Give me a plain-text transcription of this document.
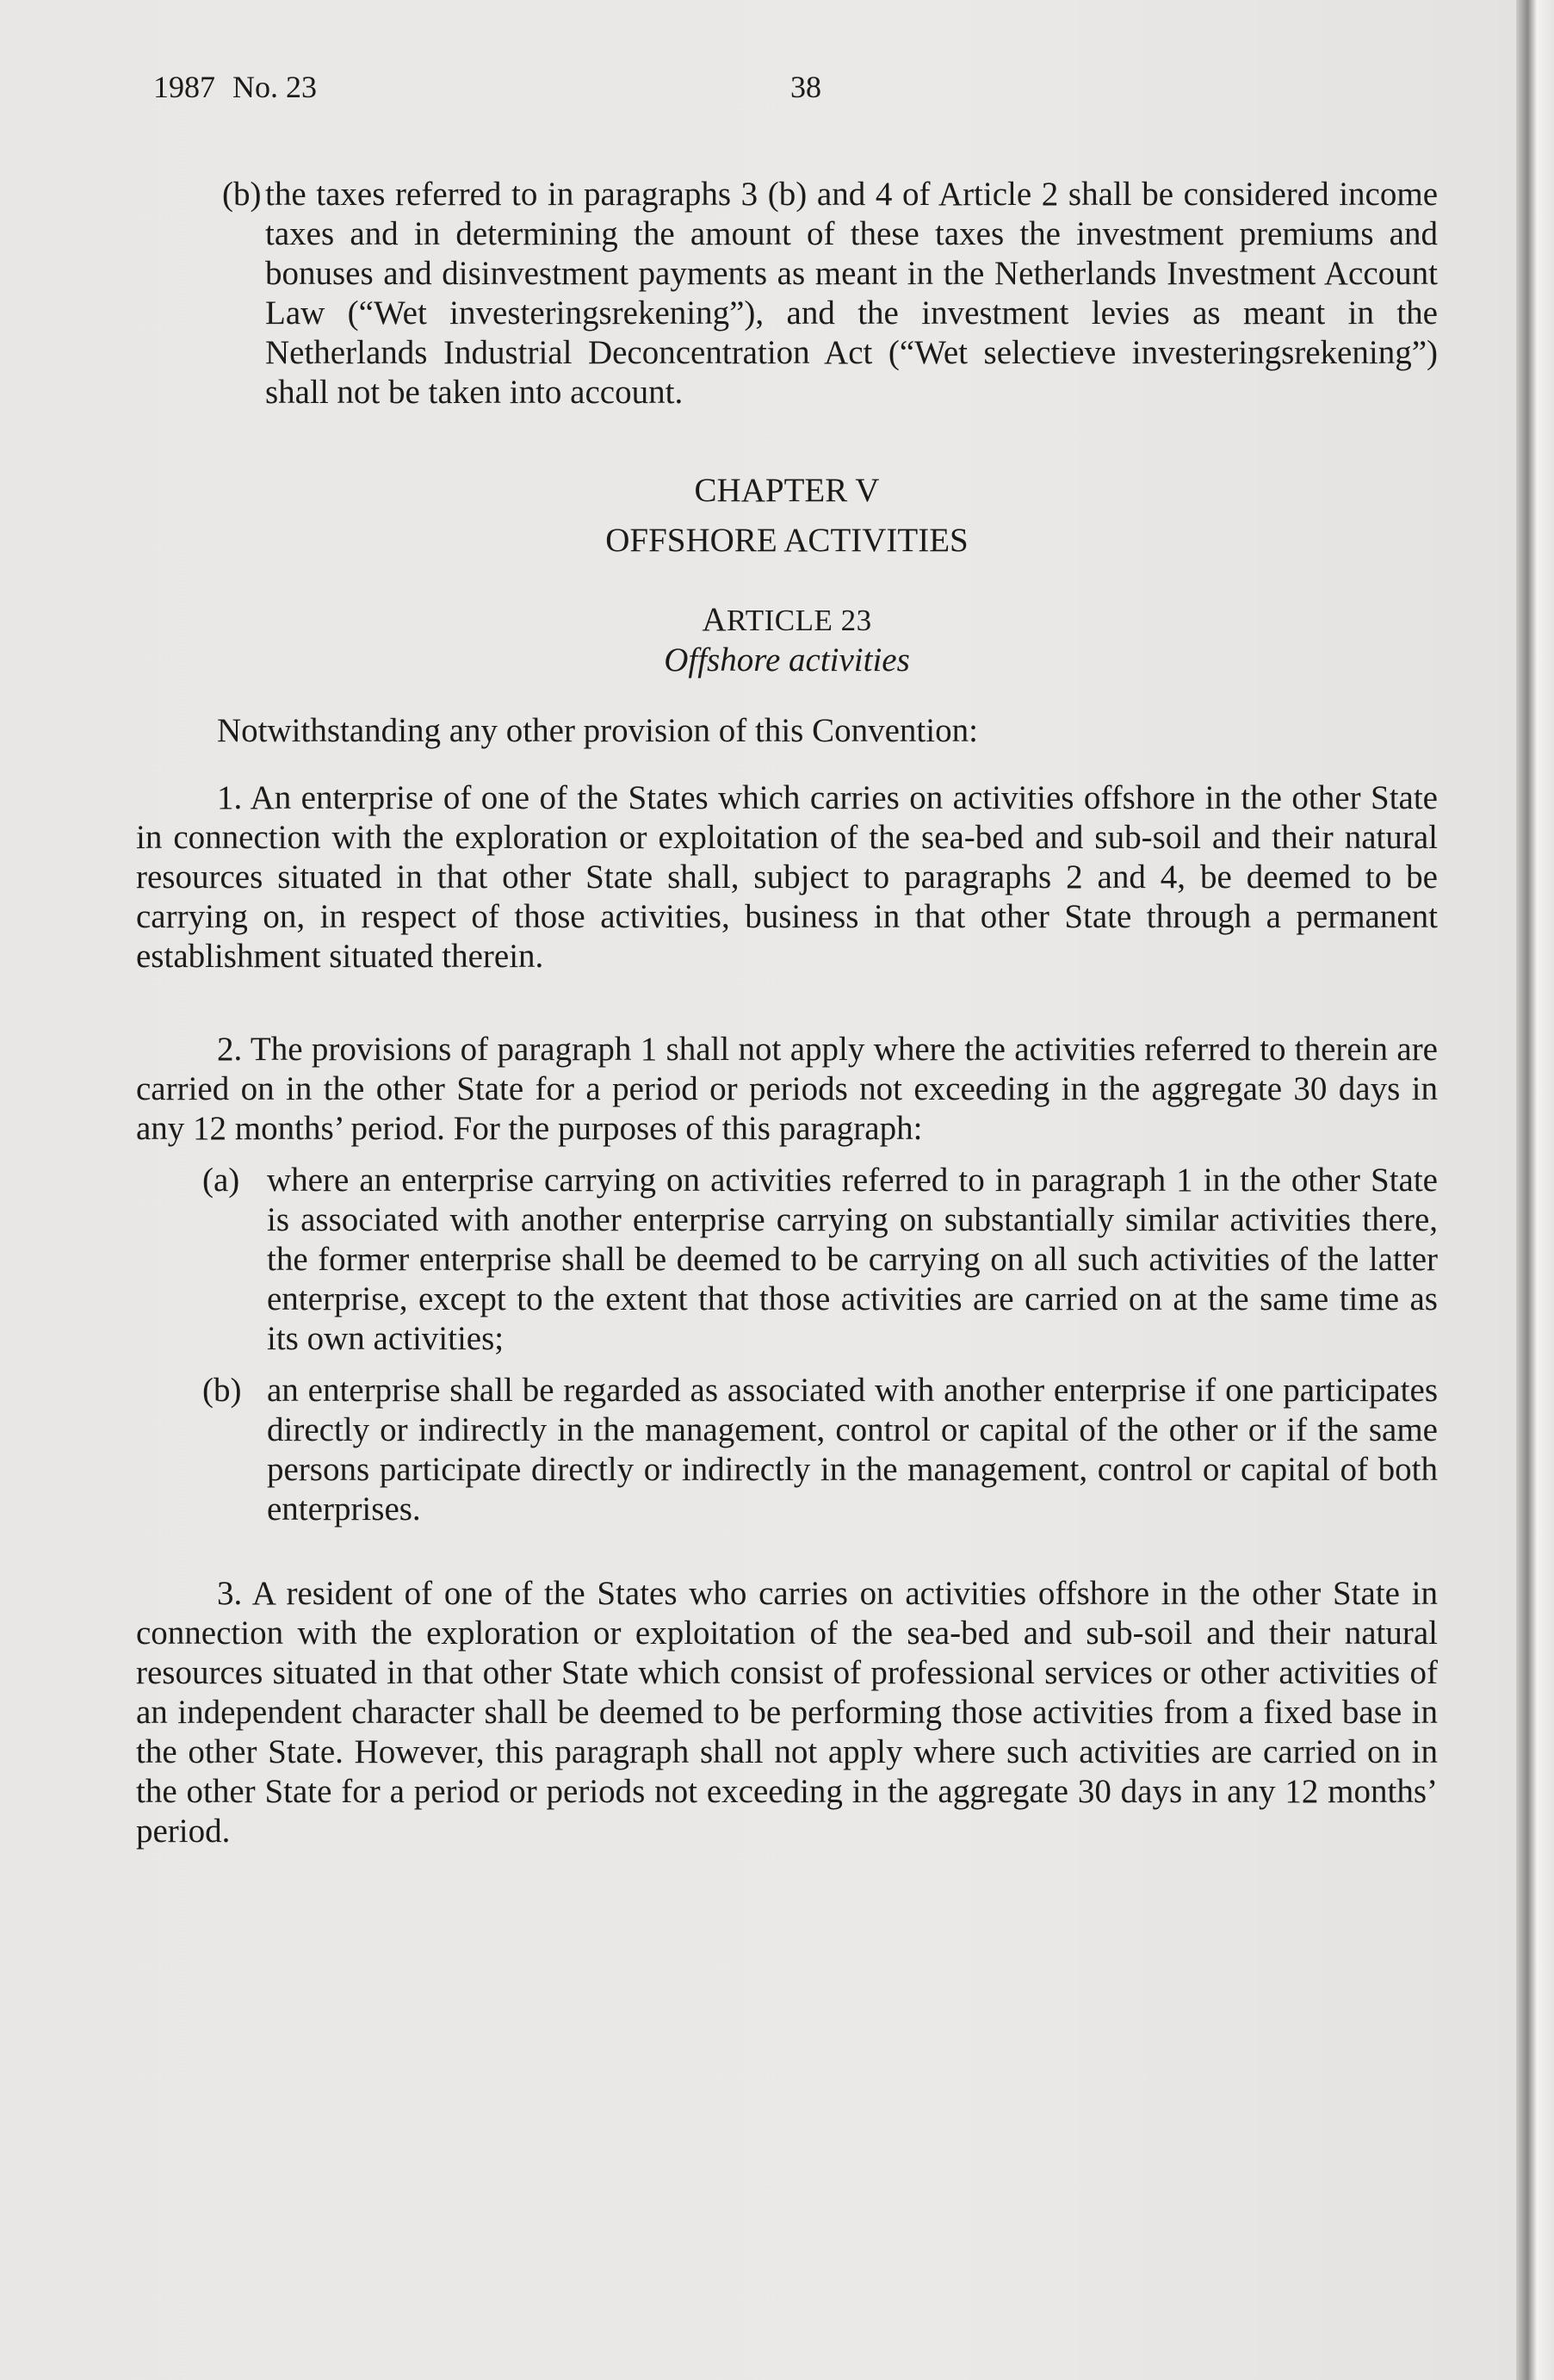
1987 No. 23	38

(b) the taxes referred to in paragraphs 3 (b) and 4 of Article 2 shall be considered income taxes and in determining the amount of these taxes the investment premiums and bonuses and disinvestment payments as meant in the Netherlands Investment Account Law (“Wet investeringsrekening”), and the investment levies as meant in the Netherlands Industrial Deconcentration Act (“Wet selectieve investeringsrekening”) shall not be taken into account.

CHAPTER V
OFFSHORE ACTIVITIES
ARTICLE 23
Offshore activities

Notwithstanding any other provision of this Convention:

1. An enterprise of one of the States which carries on activities offshore in the other State in connection with the exploration or exploitation of the sea-bed and sub-soil and their natural resources situated in that other State shall, subject to paragraphs 2 and 4, be deemed to be carrying on, in respect of those activities, business in that other State through a permanent establishment situated therein.

2. The provisions of paragraph 1 shall not apply where the activities referred to therein are carried on in the other State for a period or periods not exceeding in the aggregate 30 days in any 12 months’ period. For the purposes of this paragraph:

(a) where an enterprise carrying on activities referred to in paragraph 1 in the other State is associated with another enterprise carrying on substantially similar activities there, the former enterprise shall be deemed to be carrying on all such activities of the latter enterprise, except to the extent that those activities are carried on at the same time as its own activities;

(b) an enterprise shall be regarded as associated with another enterprise if one participates directly or indirectly in the management, control or capital of the other or if the same persons participate directly or indirectly in the management, control or capital of both enterprises.

3. A resident of one of the States who carries on activities offshore in the other State in connection with the exploration or exploitation of the sea-bed and sub-soil and their natural resources situated in that other State which consist of professional services or other activities of an independent character shall be deemed to be performing those activities from a fixed base in the other State. However, this paragraph shall not apply where such activities are carried on in the other State for a period or periods not exceeding in the aggregate 30 days in any 12 months’ period.
